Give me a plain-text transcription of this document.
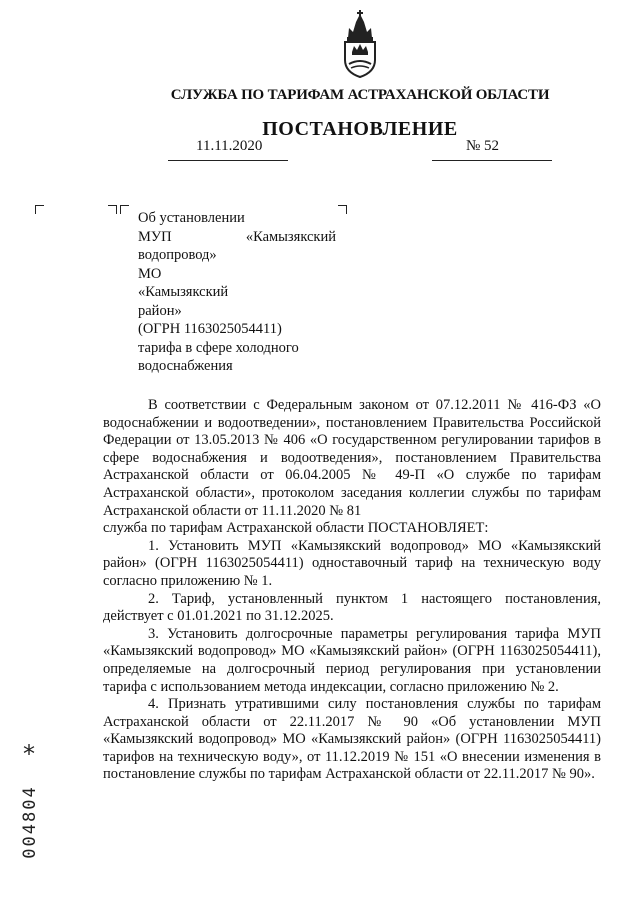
СЛУЖБА ПО ТАРИФАМ АСТРАХАНСКОЙ ОБЛАСТИ
ПОСТАНОВЛЕНИЕ
11.11.2020	№ 52
Об установлении
МУП «Камызякский
водопровод» МО
«Камызякский район»
(ОГРН 1163025054411)
тарифа в сфере холодного
водоснабжения

В соответствии с Федеральным законом от 07.12.2011 № 416-ФЗ «О водоснабжении и водоотведении», постановлением Правительства Российской Федерации от 13.05.2013 № 406 «О государственном регулировании тарифов в сфере водоснабжения и водоотведения», постановлением Правительства Астраханской области от 06.04.2005 № 49-П «О службе по тарифам Астраханской области», протоколом заседания коллегии службы по тарифам Астраханской области от 11.11.2020 № 81

служба по тарифам Астраханской области ПОСТАНОВЛЯЕТ:

1. Установить МУП «Камызякский водопровод» МО «Камызякский район» (ОГРН 1163025054411) одноставочный тариф на техническую воду согласно приложению № 1.

2. Тариф, установленный пунктом 1 настоящего постановления, действует с 01.01.2021 по 31.12.2025.

3. Установить долгосрочные параметры регулирования тарифа МУП «Камызякский водопровод» МО «Камызякский район» (ОГРН 1163025054411), определяемые на долгосрочный период регулирования при установлении тарифа с использованием метода индексации, согласно приложению № 2.

4. Признать утратившими силу постановления службы по тарифам Астраханской области от 22.11.2017 № 90 «Об установлении МУП «Камызякский водопровод» МО «Камызякский район» (ОГРН 1163025054411) тарифов на техническую воду», от 11.12.2019 № 151 «О внесении изменения в постановление службы по тарифам Астраханской области от 22.11.2017 № 90».

*
004804
